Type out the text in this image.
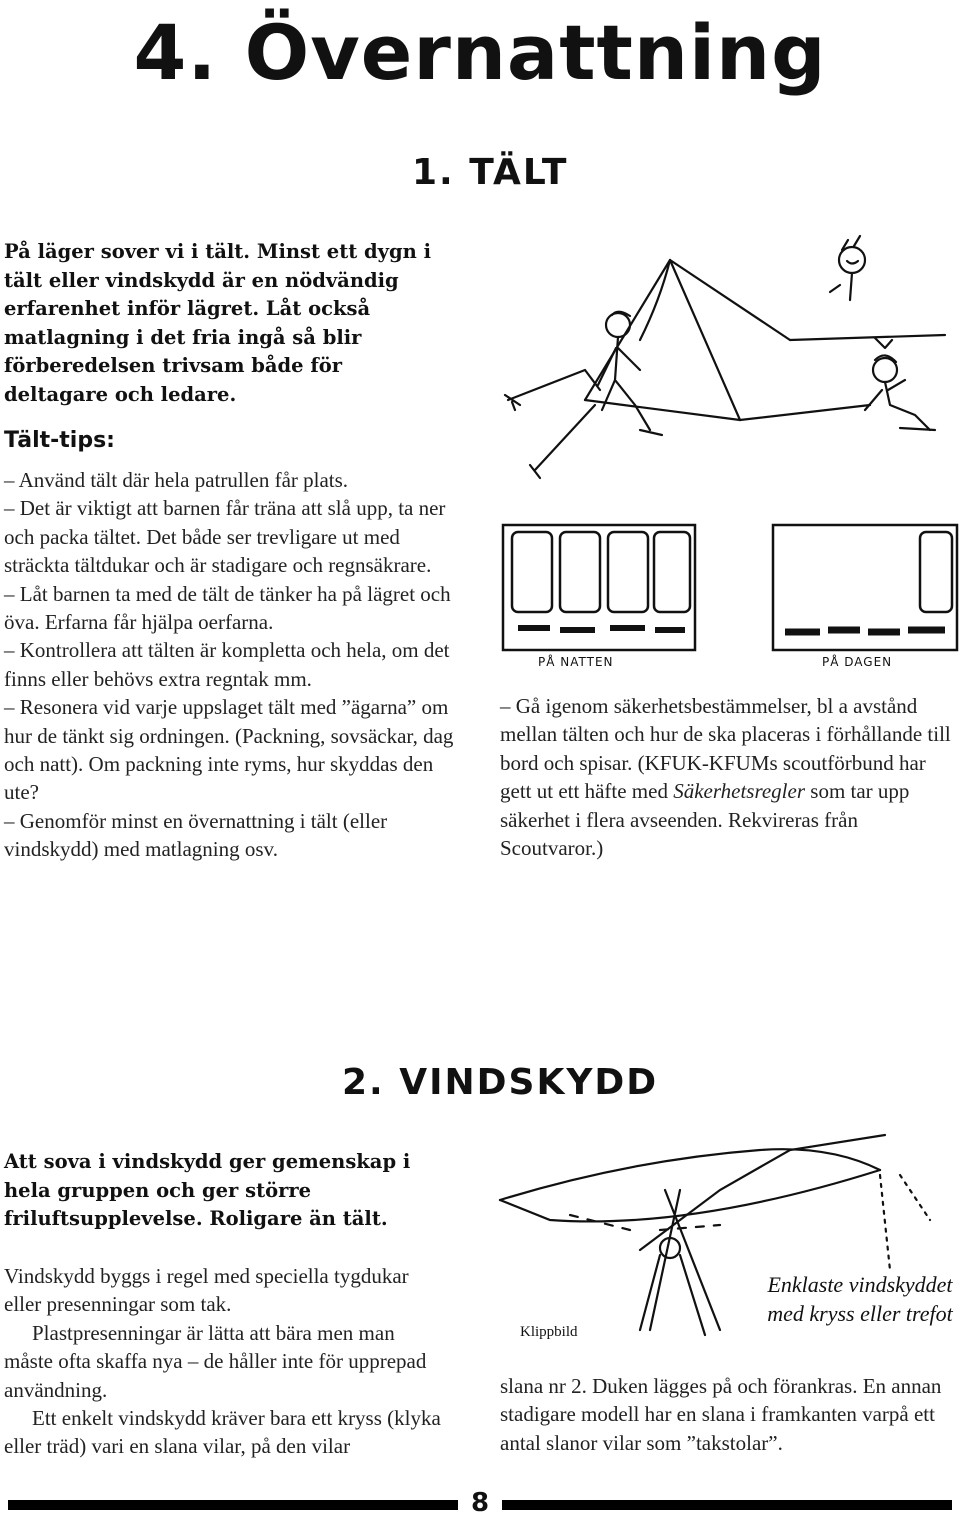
4. Övernattning
1. TÄLT

På läger sover vi i tält. Minst ett dygn i tält eller vindskydd är en nödvändig erfarenhet inför lägret. Låt också matlagning i det fria ingå så blir förberedelsen trivsam både för deltagare och ledare.

Tält-tips:

– Använd tält där hela patrullen får plats.

– Det är viktigt att barnen får träna att slå upp, ta ner och packa tältet. Det både ser trevligare ut med sträckta tältdukar och är stadigare och regnsäkrare.

– Låt barnen ta med de tält de tänker ha på lägret och öva. Erfarna får hjälpa oerfarna.

– Kontrollera att tälten är kompletta och hela, om det finns eller behövs extra regntak mm.

– Resonera vid varje uppslaget tält med ”ägarna” om hur de tänkt sig ordningen. (Packning, sovsäckar, dag och natt). Om packning inte ryms, hur skyddas den ute?

– Genomför minst en övernattning i tält (eller vindskydd) med matlagning osv.

PÅ NATTEN	PÅ DAGEN

– Gå igenom säkerhetsbestämmelser, bl a avstånd mellan tälten och hur de ska placeras i förhållande till bord och spisar. (KFUK-KFUMs scoutförbund har gett ut ett häfte med Säkerhetsregler som tar upp säkerhet i flera avseenden. Rekvireras från Scoutvaror.)

2. VINDSKYDD

Att sova i vindskydd ger gemenskap i hela gruppen och ger större friluftsupplevelse. Roligare än tält.

Vindskydd byggs i regel med speciella tygdukar eller presenningar som tak.

Plastpresenningar är lätta att bära men man måste ofta skaffa nya – de håller inte för upprepad användning.

Ett enkelt vindskydd kräver bara ett kryss (klyka eller träd) vari en slana vilar, på den vilar

Enklaste vindskyddet med kryss eller trefot
Klippbild

slana nr 2. Duken lägges på och förankras. En annan stadigare modell har en slana i framkanten varpå ett antal slanor vilar som ”takstolar”.

8
